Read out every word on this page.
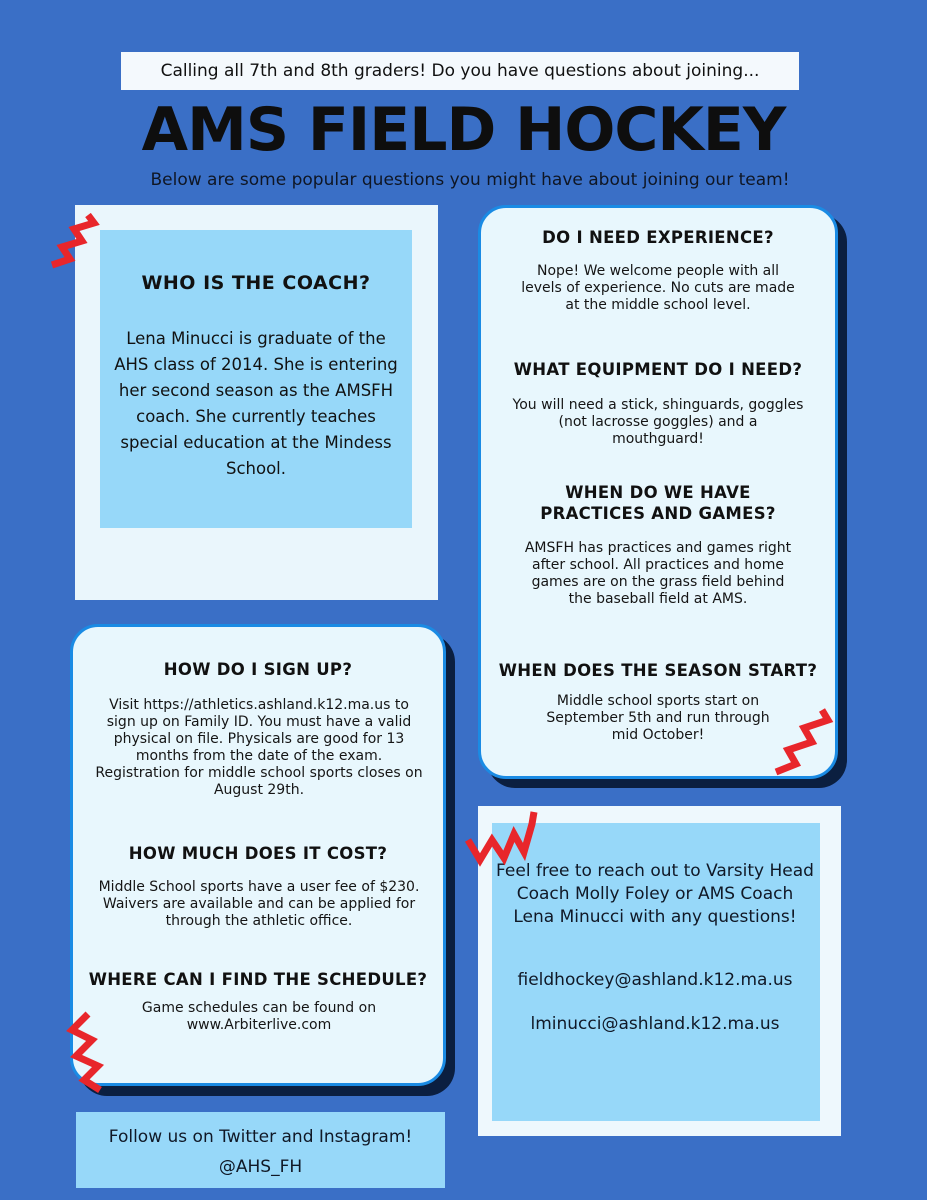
Calling all 7th and 8th graders! Do you have questions about joining...
AMS FIELD HOCKEY
Below are some popular questions you might have about joining our team!
WHO IS THE COACH?
Lena Minucci is graduate of the AHS class of 2014. She is entering her second season as the AMSFH coach. She currently teaches special education at the Mindess School.
DO I NEED EXPERIENCE?
Nope! We welcome people with all levels of experience. No cuts are made at the middle school level.
WHAT EQUIPMENT DO I NEED?
You will need a stick, shinguards, goggles (not lacrosse goggles) and a mouthguard!
WHEN DO WE HAVE PRACTICES AND GAMES?
AMSFH has practices and games right after school. All practices and home games are on the grass field behind the baseball field at AMS.
WHEN DOES THE SEASON START?
Middle school sports start on September 5th and run through mid October!
HOW DO I SIGN UP?
Visit https://athletics.ashland.k12.ma.us to sign up on Family ID. You must have a valid physical on file. Physicals are good for 13 months from the date of the exam. Registration for middle school sports closes on August 29th.
HOW MUCH DOES IT COST?
Middle School sports have a user fee of $230. Waivers are available and can be applied for through the athletic office.
WHERE CAN I FIND THE SCHEDULE?
Game schedules can be found on www.Arbiterlive.com
Feel free to reach out to Varsity Head Coach Molly Foley or AMS Coach Lena Minucci with any questions!
fieldhockey@ashland.k12.ma.us
lminucci@ashland.k12.ma.us
Follow us on Twitter and Instagram!
@AHS_FH
